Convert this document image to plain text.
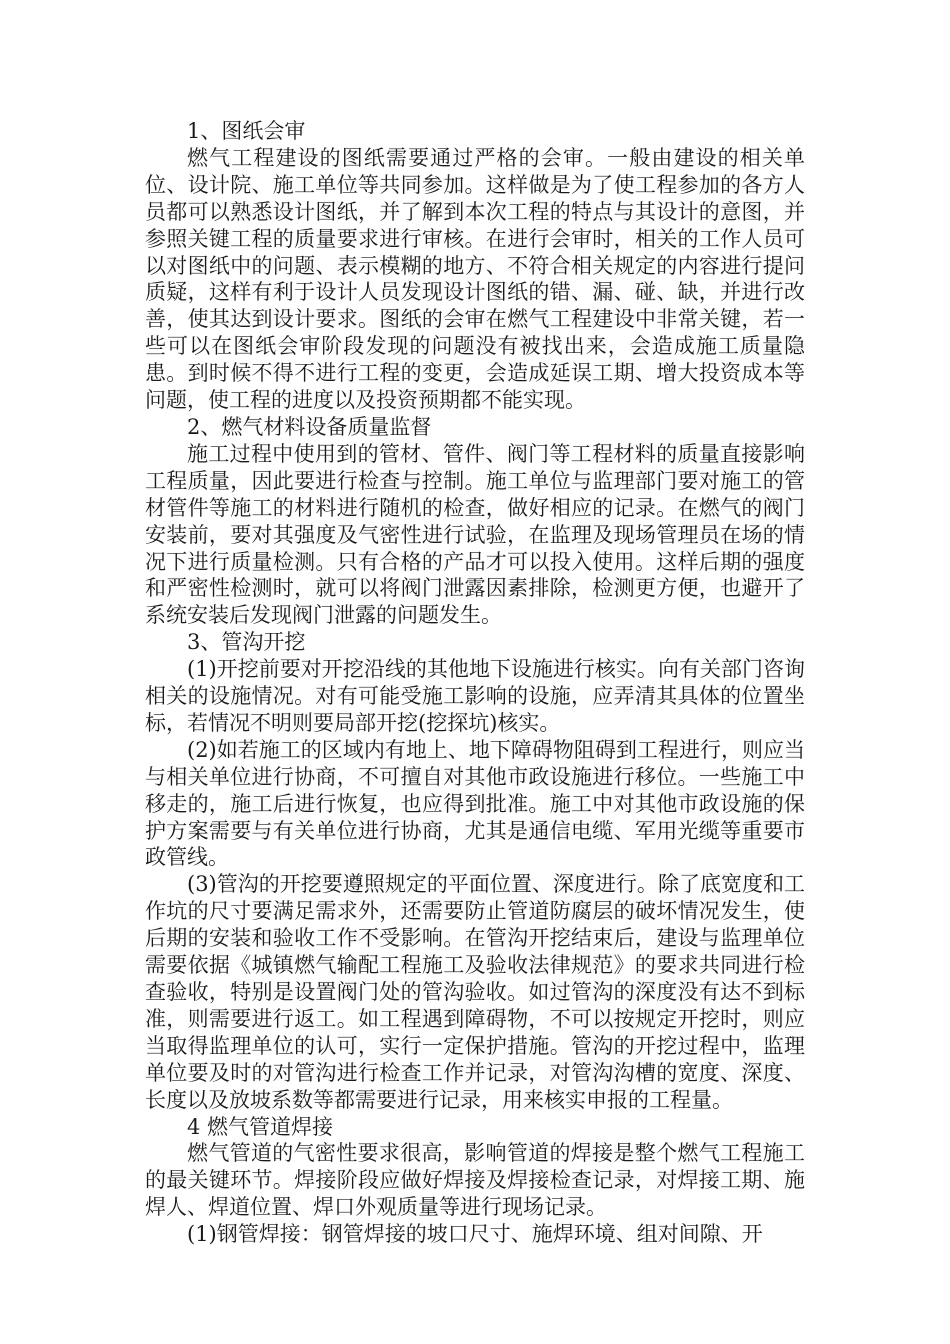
1、图纸会审

燃气工程建设的图纸需要通过严格的会审。一般由建设的相关单位、设计院、施工单位等共同参加。这样做是为了使工程参加的各方人员都可以熟悉设计图纸，并了解到本次工程的特点与其设计的意图，并参照关键工程的质量要求进行审核。在进行会审时，相关的工作人员可以对图纸中的问题、表示模糊的地方、不符合相关规定的内容进行提问质疑，这样有利于设计人员发现设计图纸的错、漏、碰、缺，并进行改善，使其达到设计要求。图纸的会审在燃气工程建设中非常关键，若一些可以在图纸会审阶段发现的问题没有被找出来，会造成施工质量隐患。到时候不得不进行工程的变更，会造成延误工期、增大投资成本等问题，使工程的进度以及投资预期都不能实现。

2、燃气材料设备质量监督

施工过程中使用到的管材、管件、阀门等工程材料的质量直接影响工程质量，因此要进行检查与控制。施工单位与监理部门要对施工的管材管件等施工的材料进行随机的检查，做好相应的记录。在燃气的阀门安装前，要对其强度及气密性进行试验，在监理及现场管理员在场的情况下进行质量检测。只有合格的产品才可以投入使用。这样后期的强度和严密性检测时，就可以将阀门泄露因素排除，检测更方便，也避开了系统安装后发现阀门泄露的问题发生。

3、管沟开挖

(1)开挖前要对开挖沿线的其他地下设施进行核实。向有关部门咨询相关的设施情况。对有可能受施工影响的设施，应弄清其具体的位置坐标，若情况不明则要局部开挖(挖探坑)核实。

(2)如若施工的区域内有地上、地下障碍物阻碍到工程进行，则应当与相关单位进行协商，不可擅自对其他市政设施进行移位。一些施工中移走的，施工后进行恢复，也应得到批准。施工中对其他市政设施的保护方案需要与有关单位进行协商，尤其是通信电缆、军用光缆等重要市政管线。

(3)管沟的开挖要遵照规定的平面位置、深度进行。除了底宽度和工作坑的尺寸要满足需求外，还需要防止管道防腐层的破坏情况发生，使后期的安装和验收工作不受影响。在管沟开挖结束后，建设与监理单位需要依据《城镇燃气输配工程施工及验收法律规范》的要求共同进行检查验收，特别是设置阀门处的管沟验收。如过管沟的深度没有达不到标准，则需要进行返工。如工程遇到障碍物，不可以按规定开挖时，则应当取得监理单位的认可，实行一定保护措施。管沟的开挖过程中，监理单位要及时的对管沟进行检查工作并记录，对管沟沟槽的宽度、深度、长度以及放坡系数等都需要进行记录，用来核实申报的工程量。

4 燃气管道焊接

燃气管道的气密性要求很高，影响管道的焊接是整个燃气工程施工的最关键环节。焊接阶段应做好焊接及焊接检查记录，对焊接工期、施焊人、焊道位置、焊口外观质量等进行现场记录。

(1)钢管焊接：钢管焊接的坡口尺寸、施焊环境、组对间隙、开
